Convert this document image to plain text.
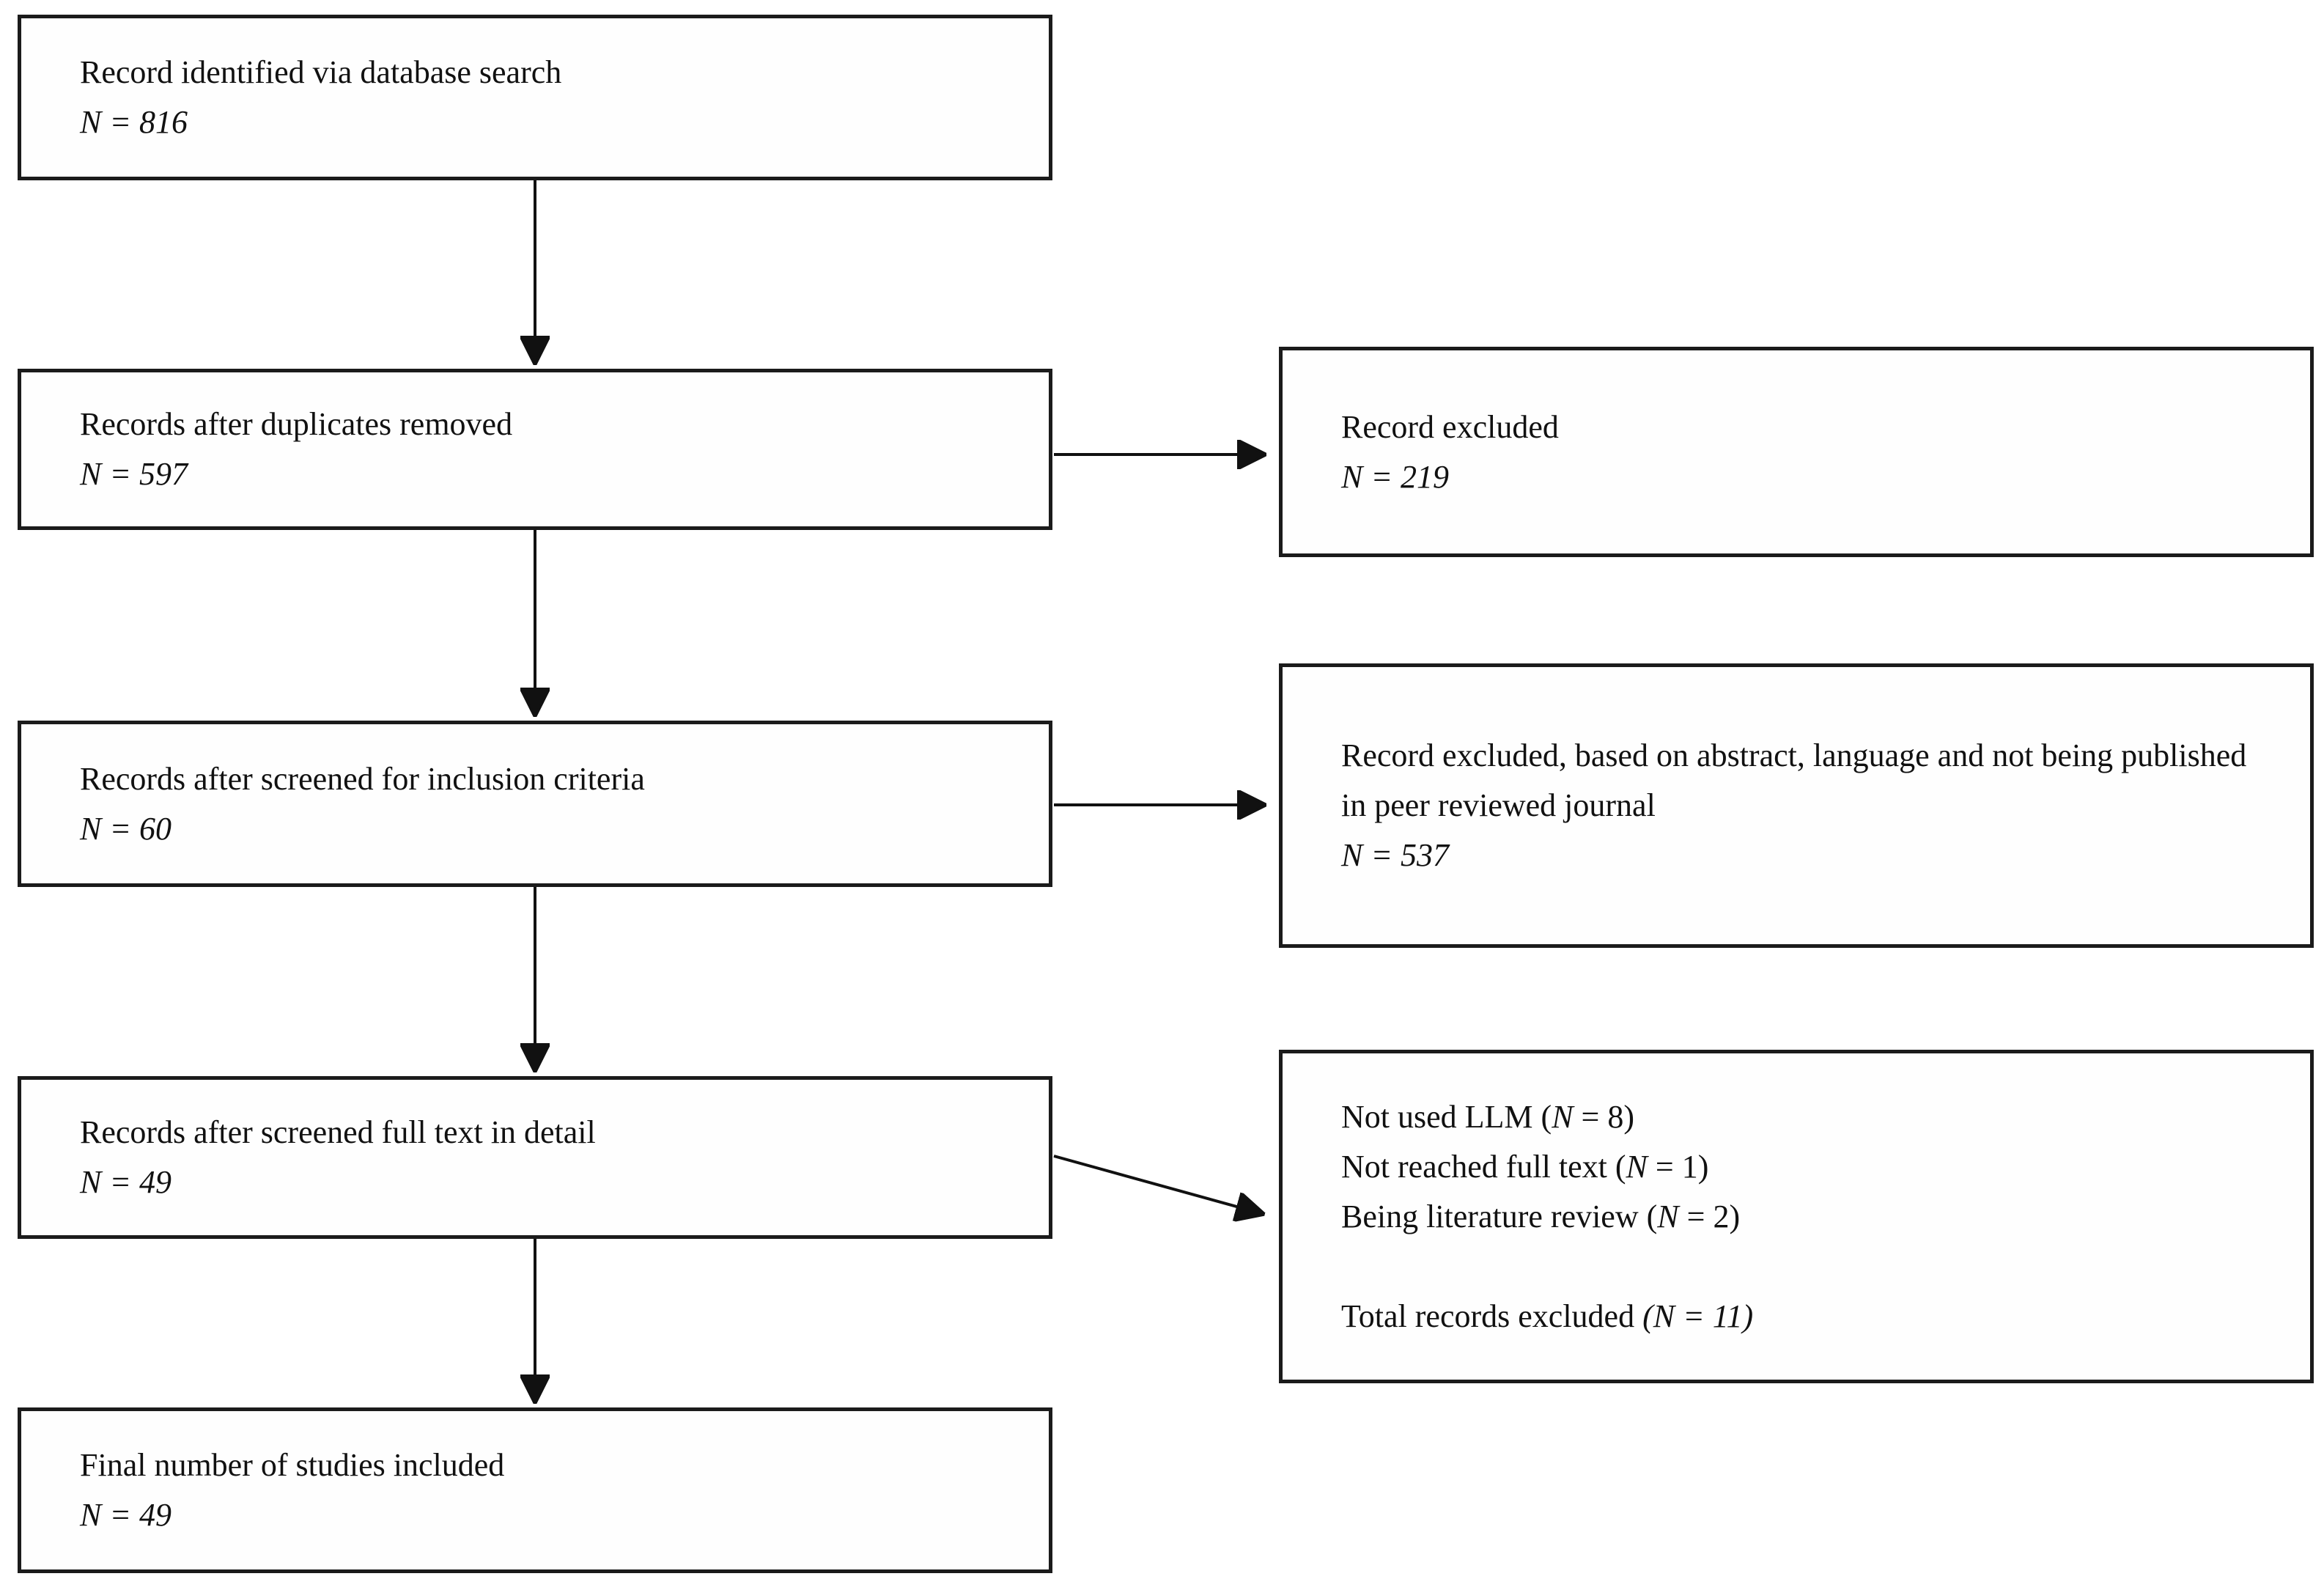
Record identified via database search
N = 816
Records after duplicates removed
N = 597
Records after screened for inclusion criteria
N = 60
Records after screened full text in detail
N = 49
Final number of studies included
N = 49
Record excluded
N = 219
Record excluded, based on abstract, language and not being published in peer reviewed journal
N = 537
Not used LLM (N = 8)
Not reached full text (N = 1)
Being literature review (N = 2)
Total records excluded (N = 11)
